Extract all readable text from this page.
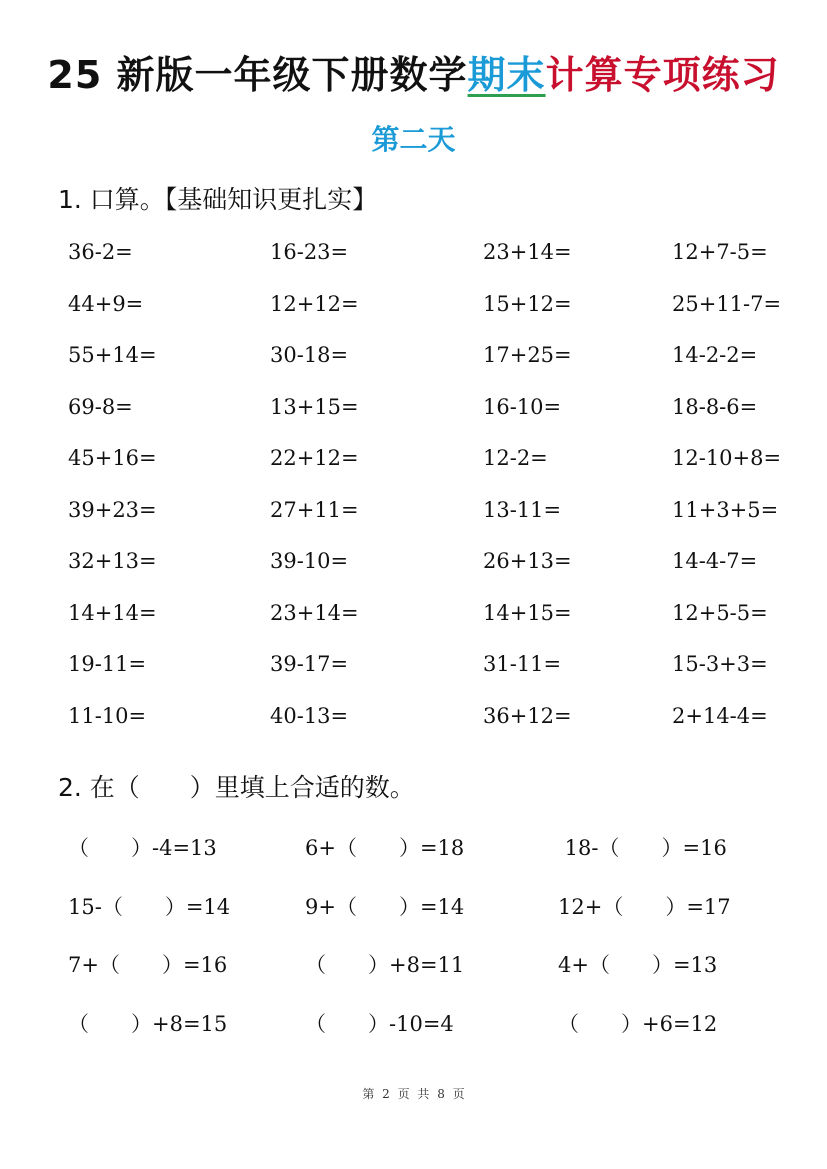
25 新版一年级下册数学期末计算专项练习
第二天
1. 口算。【基础知识更扎实】
36-2=	16-23=	23+14=	12+7-5=
44+9=	12+12=	15+12=	25+11-7=
55+14=	30-18=	17+25=	14-2-2=
69-8=	13+15=	16-10=	18-8-6=
45+16=	22+12=	12-2=	12-10+8=
39+23=	27+11=	13-11=	11+3+5=
32+13=	39-10=	26+13=	14-4-7=
14+14=	23+14=	14+15=	12+5-5=
19-11=	39-17=	31-11=	15-3+3=
11-10=	40-13=	36+12=	2+14-4=
2. 在（　　）里填上合适的数。
（　　）-4=13	6+（　　）=18	18-（　　）=16
15-（　　）=14	9+（　　）=14	12+（　　）=17
7+（　　）=16	（　　）+8=11	4+（　　）=13
（　　）+8=15	（　　）-10=4	（　　）+6=12
第 2 页 共 8 页
